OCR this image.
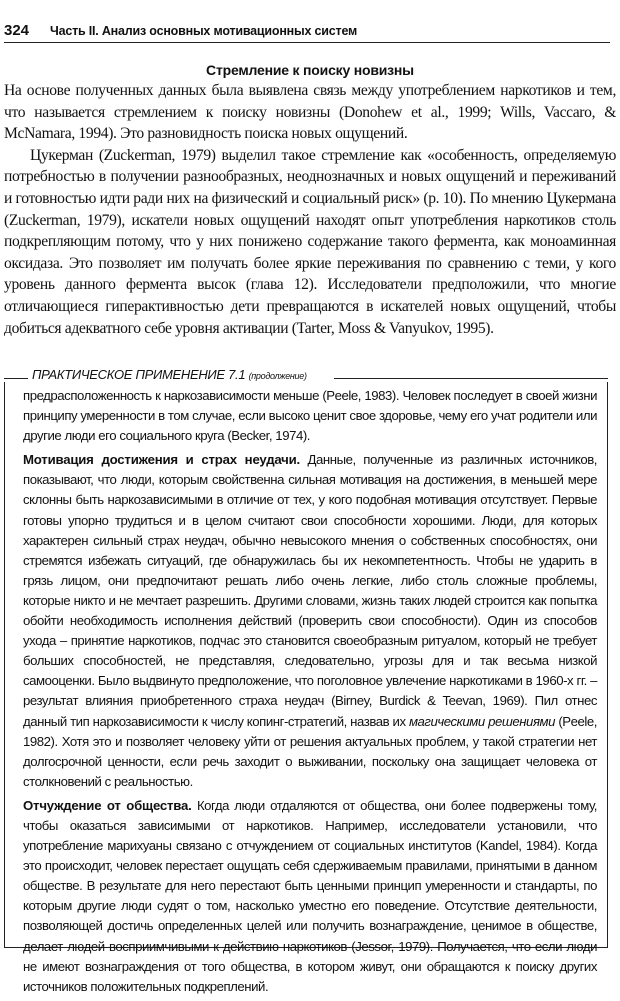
324 Часть II. Анализ основных мотивационных систем
Стремление к поиску новизны

На основе полученных данных была выявлена связь между употреблением наркотиков и тем, что называется стремлением к поиску новизны (Donohew et al., 1999; Wills, Vaccaro, & McNamara, 1994). Это разновидность поиска новых ощущений.

Цукерман (Zuckerman, 1979) выделил такое стремление как «особенность, определяемую потребностью в получении разнообразных, неоднозначных и новых ощущений и переживаний и готовностью идти ради них на физический и социальный риск» (р. 10). По мнению Цукермана (Zuckerman, 1979), искатели новых ощущений находят опыт употребления наркотиков столь подкрепляющим потому, что у них понижено содержание такого фермента, как моноаминная оксидаза. Это позволяет им получать более яркие переживания по сравнению с теми, у кого уровень данного фермента высок (глава 12). Исследователи предположили, что многие отличающиеся гиперактивностью дети превращаются в искателей новых ощущений, чтобы добиться адекватного себе уровня активации (Tarter, Moss & Vanyukov, 1995).

ПРАКТИЧЕСКОЕ ПРИМЕНЕНИЕ 7.1 (продолжение)

предрасположенность к наркозависимости меньше (Peele, 1983). Человек последует в своей жизни принципу умеренности в том случае, если высоко ценит свое здоровье, чему его учат родители или другие люди его социального круга (Becker, 1974).

Мотивация достижения и страх неудачи. Данные, полученные из различных источников, показывают, что люди, которым свойственна сильная мотивация на достижения, в меньшей мере склонны быть наркозависимыми в отличие от тех, у кого подобная мотивация отсутствует. Первые готовы упорно трудиться и в целом считают свои способности хорошими. Люди, для которых характерен сильный страх неудач, обычно невысокого мнения о собственных способностях, они стремятся избежать ситуаций, где обнаружилась бы их некомпетентность. Чтобы не ударить в грязь лицом, они предпочитают решать либо очень легкие, либо столь сложные проблемы, которые никто и не мечтает разрешить. Другими словами, жизнь таких людей строится как попытка обойти необходимость исполнения действий (проверить свои способности). Один из способов ухода – принятие наркотиков, подчас это становится своеобразным ритуалом, который не требует больших способностей, не представляя, следовательно, угрозы для и так весьма низкой самооценки. Было выдвинуто предположение, что поголовное увлечение наркотиками в 1960-х гг. – результат влияния приобретенного страха неудач (Birney, Burdick & Teevan, 1969). Пил отнес данный тип наркозависимости к числу копинг-стратегий, назвав их магическими решениями (Peele, 1982). Хотя это и позволяет человеку уйти от решения актуальных проблем, у такой стратегии нет долгосрочной ценности, если речь заходит о выживании, поскольку она защищает человека от столкновений с реальностью.

Отчуждение от общества. Когда люди отдаляются от общества, они более подвержены тому, чтобы оказаться зависимыми от наркотиков. Например, исследователи установили, что употребление марихуаны связано с отчуждением от социальных институтов (Kandel, 1984). Когда это происходит, человек перестает ощущать себя сдерживаемым правилами, принятыми в данном обществе. В результате для него перестают быть ценными принцип умеренности и стандарты, по которым другие люди судят о том, насколько уместно его поведение. Отсутствие деятельности, позволяющей достичь определенных целей или получить вознаграждение, ценимое в обществе, делает людей восприимчивыми к действию наркотиков (Jessor, 1979). Получается, что если люди не имеют вознаграждения от того общества, в котором живут, они обращаются к поиску других источников положительных подкреплений.
